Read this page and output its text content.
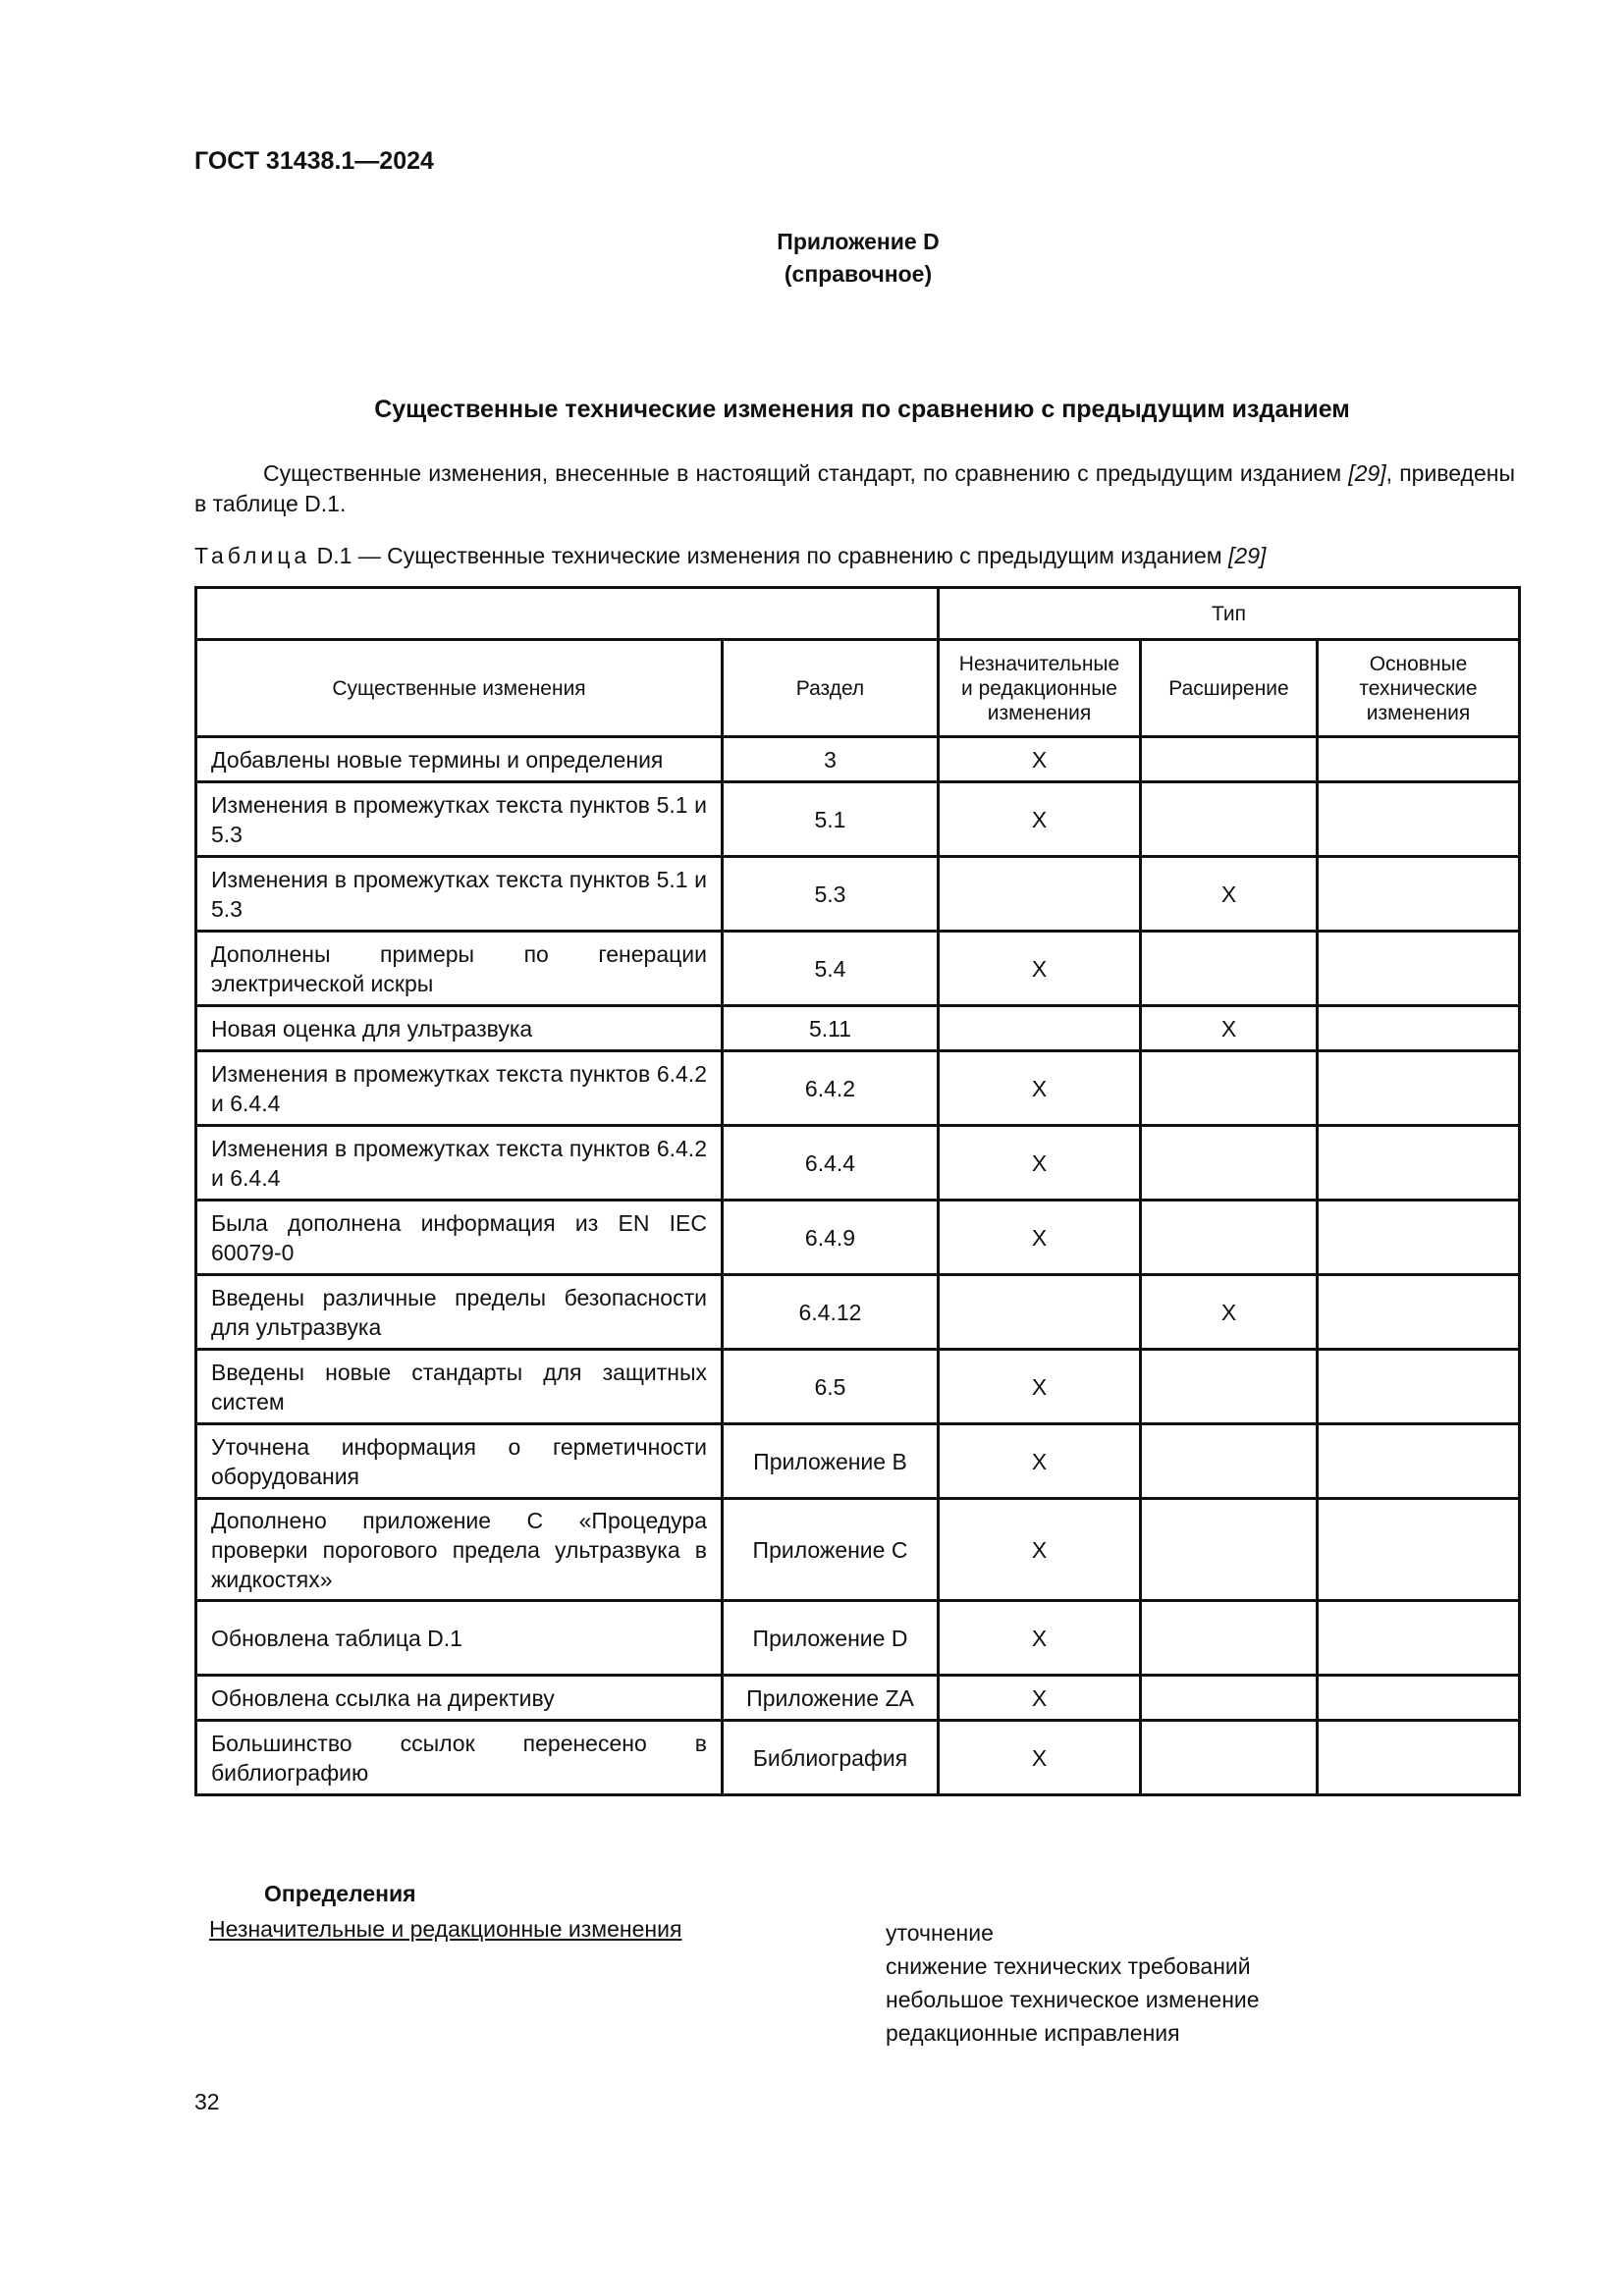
ГОСТ 31438.1—2024
Приложение D
(справочное)
Существенные технические изменения по сравнению с предыдущим изданием
Существенные изменения, внесенные в настоящий стандарт, по сравнению с предыдущим изданием [29], приведены в таблице D.1.
Таблица D.1 — Существенные технические изменения по сравнению с предыдущим изданием [29]
		Тип		
Существенные изменения	Раздел	Незначительные и редакционные изменения	Расширение	Основные технические изменения
Добавлены новые термины и определения	3	X		
Изменения в промежутках текста пунктов 5.1 и 5.3	5.1	X		
Изменения в промежутках текста пунктов 5.1 и 5.3	5.3		X	
Дополнены примеры по генерации электрической искры	5.4	X		
Новая оценка для ультразвука	5.11		X	
Изменения в промежутках текста пунктов 6.4.2 и 6.4.4	6.4.2	X		
Изменения в промежутках текста пунктов 6.4.2 и 6.4.4	6.4.4	X		
Была дополнена информация из EN IEC 60079-0	6.4.9	X		
Введены различные пределы безопасности для ультразвука	6.4.12		X	
Введены новые стандарты для защитных систем	6.5	X		
Уточнена информация о герметичности оборудования	Приложение В	X		
Дополнено приложение С «Процедура проверки порогового предела ультразвука в жидкостях»	Приложение С	X		
Обновлена таблица D.1	Приложение D	X		
Обновлена ссылка на директиву	Приложение ZA	X		
Большинство ссылок перенесено в библиографию	Библиография	X		
Определения
Незначительные и редакционные изменения	уточнение
снижение технических требований
небольшое техническое изменение
редакционные исправления
32
